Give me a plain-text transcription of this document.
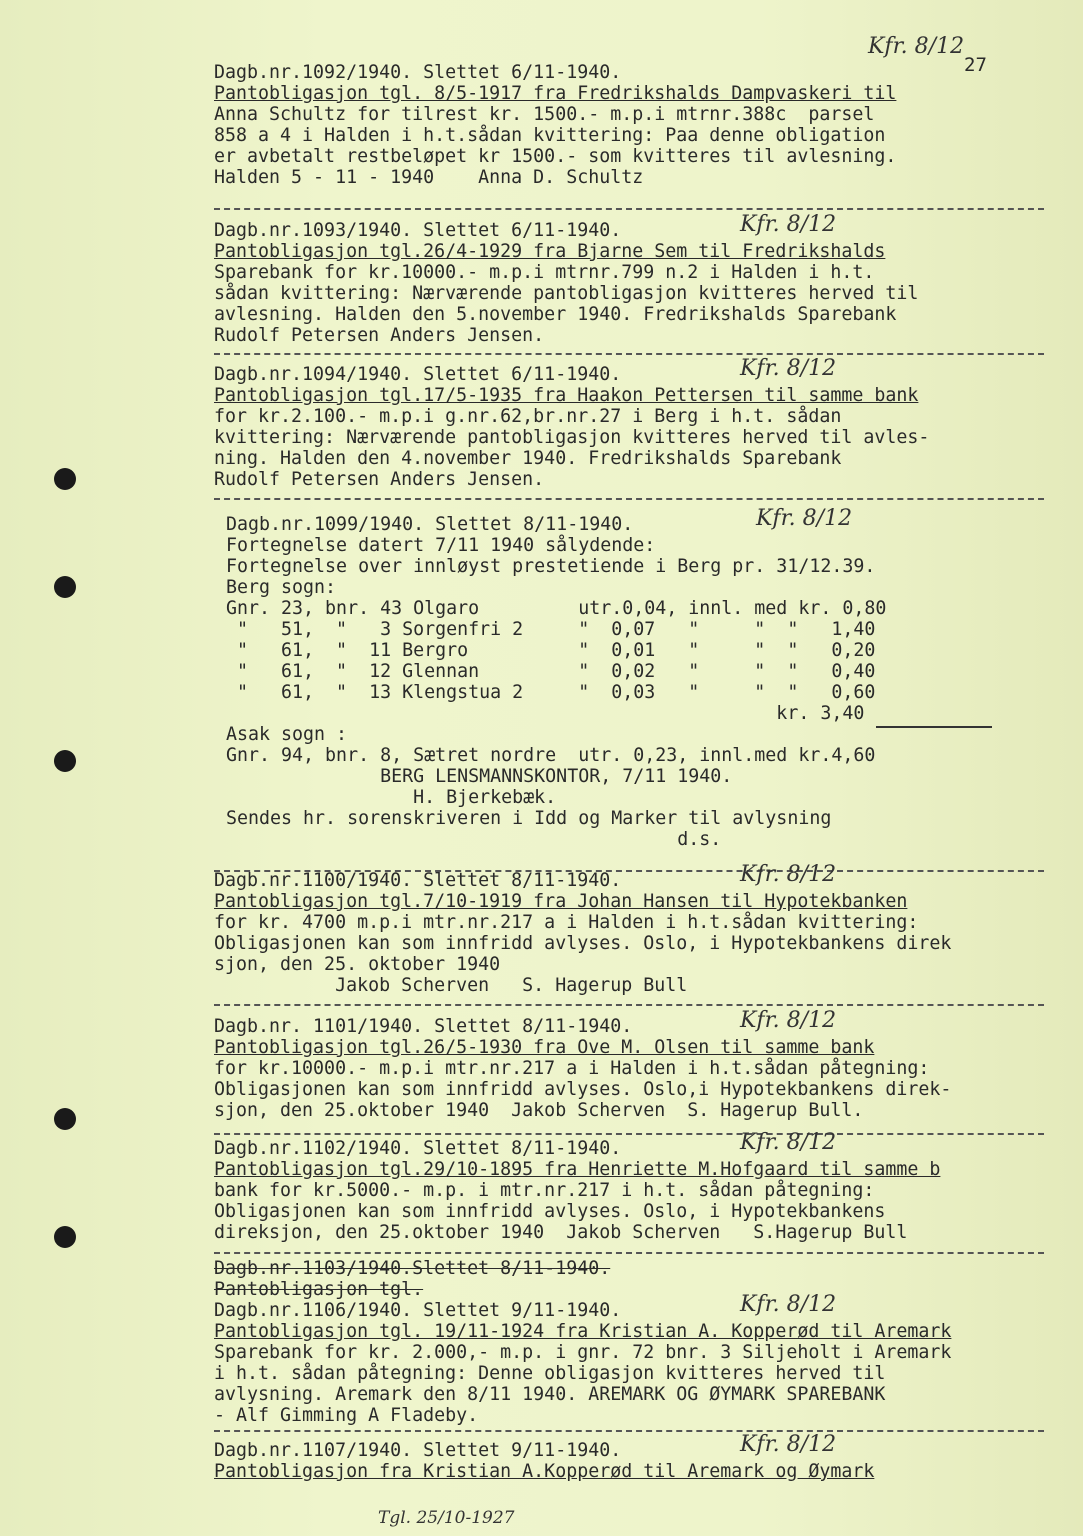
27
Kfr. 8/12
Dagb.nr.1092/1940. Slettet 6/11-1940.
Pantobligasjon tgl. 8/5-1917 fra Fredrikshalds Dampvaskeri til
Anna Schultz for tilrest kr. 1500.- m.p.i mtrnr.388c  parsel
858 a 4 i Halden i h.t.sådan kvittering: Paa denne obligation
er avbetalt restbeløpet kr 1500.- som kvitteres til avlesning.
Halden 5 - 11 - 1940    Anna D. Schultz
Dagb.nr.1093/1940. Slettet 6/11-1940.	Kfr. 8/12
Pantobligasjon tgl.26/4-1929 fra Bjarne Sem til Fredrikshalds
Sparebank for kr.10000.- m.p.i mtrnr.799 n.2 i Halden i h.t.
sådan kvittering: Nærværende pantobligasjon kvitteres herved til
avlesning. Halden den 5.november 1940. Fredrikshalds Sparebank
Rudolf Petersen Anders Jensen.
Dagb.nr.1094/1940. Slettet 6/11-1940.	Kfr. 8/12
Pantobligasjon tgl.17/5-1935 fra Haakon Pettersen til samme bank
for kr.2.100.- m.p.i g.nr.62,br.nr.27 i Berg i h.t. sådan
kvittering: Nærværende pantobligasjon kvitteres herved til avles-
ning. Halden den 4.november 1940. Fredrikshalds Sparebank
Rudolf Petersen Anders Jensen.
Dagb.nr.1099/1940. Slettet 8/11-1940.	Kfr. 8/12
Fortegnelse datert 7/11 1940 sålydende:
Fortegnelse over innløyst prestetiende i Berg pr. 31/12.39.
Berg sogn:
Gnr. 23, bnr. 43 Olgaro         utr.0,04, innl. med kr. 0,80
"   51,  "   3 Sorgenfri 2     "  0,07   "     "  "   1,40
"   61,  "  11 Bergro          "  0,01   "     "  "   0,20
"   61,  "  12 Glennan         "  0,02   "     "  "   0,40
"   61,  "  13 Klengstua 2     "  0,03   "     "  "   0,60
kr. 3,40
Asak sogn :
Gnr. 94, bnr. 8, Sætret nordre  utr. 0,23, innl.med kr.4,60
BERG LENSMANNSKONTOR, 7/11 1940.
H. Bjerkebæk.
Sendes hr. sorenskriveren i Idd og Marker til avlysning
d.s.
Dagb.nr.1100/1940. Slettet 8/11-1940.	Kfr. 8/12
Pantobligasjon tgl.7/10-1919 fra Johan Hansen til Hypotekbanken
for kr. 4700 m.p.i mtr.nr.217 a i Halden i h.t.sådan kvittering:
Obligasjonen kan som innfridd avlyses. Oslo, i Hypotekbankens direk
sjon, den 25. oktober 1940
Jakob Scherven   S. Hagerup Bull
Dagb.nr. 1101/1940. Slettet 8/11-1940.	Kfr. 8/12
Pantobligasjon tgl.26/5-1930 fra Ove M. Olsen til samme bank
for kr.10000.- m.p.i mtr.nr.217 a i Halden i h.t.sådan påtegning:
Obligasjonen kan som innfridd avlyses. Oslo,i Hypotekbankens direk-
sjon, den 25.oktober 1940  Jakob Scherven  S. Hagerup Bull.
Dagb.nr.1102/1940. Slettet 8/11-1940.	Kfr. 8/12
Pantobligasjon tgl.29/10-1895 fra Henriette M.Hofgaard til samme b
bank for kr.5000.- m.p. i mtr.nr.217 i h.t. sådan påtegning:
Obligasjonen kan som innfridd avlyses. Oslo, i Hypotekbankens
direksjon, den 25.oktober 1940  Jakob Scherven   S.Hagerup Bull
Dagb.nr.1103/1940.Slettet 8/11-1940.
Pantobligasjon tgl.
Dagb.nr.1106/1940. Slettet 9/11-1940.	Kfr. 8/12
Pantobligasjon tgl. 19/11-1924 fra Kristian A. Kopperød til Aremark
Sparebank for kr. 2.000,- m.p. i gnr. 72 bnr. 3 Siljeholt i Aremark
i h.t. sådan påtegning: Denne obligasjon kvitteres herved til
avlysning. Aremark den 8/11 1940. AREMARK OG ØYMARK SPAREBANK
- Alf Gimming A Fladeby.
Dagb.nr.1107/1940. Slettet 9/11-1940.	Kfr. 8/12
Pantobligasjon fra Kristian A.Kopperød til Aremark og Øymark
Tgl. 25/10-1927
